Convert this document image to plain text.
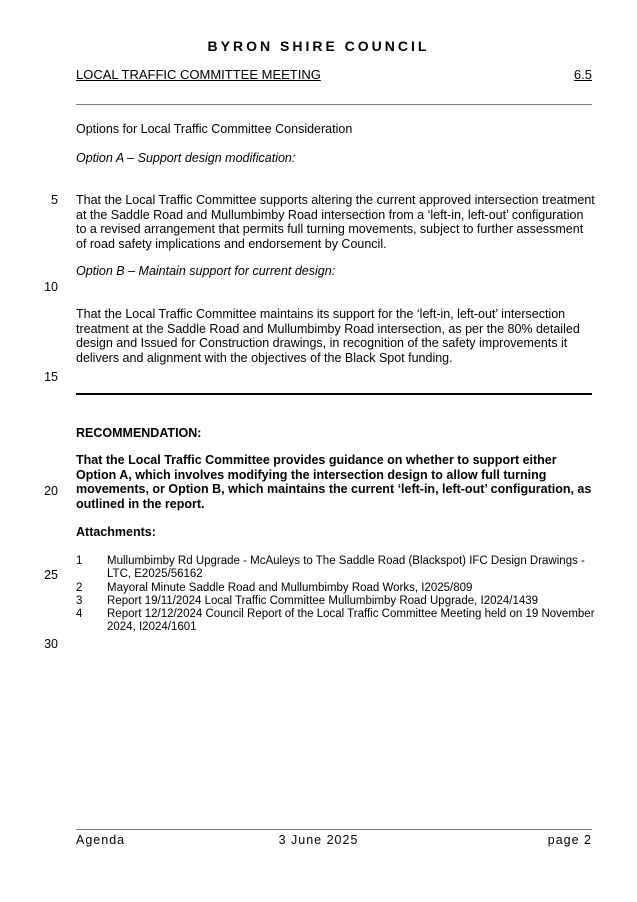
BYRON SHIRE COUNCIL
LOCAL TRAFFIC COMMITTEE MEETING	6.5
Options for Local Traffic Committee Consideration
Option A – Support design modification:
That the Local Traffic Committee supports altering the current approved intersection treatment at the Saddle Road and Mullumbimby Road intersection from a ‘left-in, left-out’ configuration to a revised arrangement that permits full turning movements, subject to further assessment of road safety implications and endorsement by Council.
Option B – Maintain support for current design:
That the Local Traffic Committee maintains its support for the ‘left-in, left-out’ intersection treatment at the Saddle Road and Mullumbimby Road intersection, as per the 80% detailed design and Issued for Construction drawings, in recognition of the safety improvements it delivers and alignment with the objectives of the Black Spot funding.
RECOMMENDATION:
That the Local Traffic Committee provides guidance on whether to support either Option A, which involves modifying the intersection design to allow full turning movements, or Option B, which maintains the current ‘left-in, left-out’ configuration, as outlined in the report.
Attachments:
1	Mullumbimby Rd Upgrade - McAuleys to The Saddle Road (Blackspot) IFC Design Drawings - LTC, E2025/56162
2	Mayoral Minute Saddle Road and Mullumbimby Road Works, I2025/809
3	Report 19/11/2024 Local Traffic Committee Mullumbimby Road Upgrade, I2024/1439
4	Report 12/12/2024 Council Report of the Local Traffic Committee Meeting held on 19 November 2024, I2024/1601
5
10
15
20
25
30
Agenda	3 June 2025	page 2
